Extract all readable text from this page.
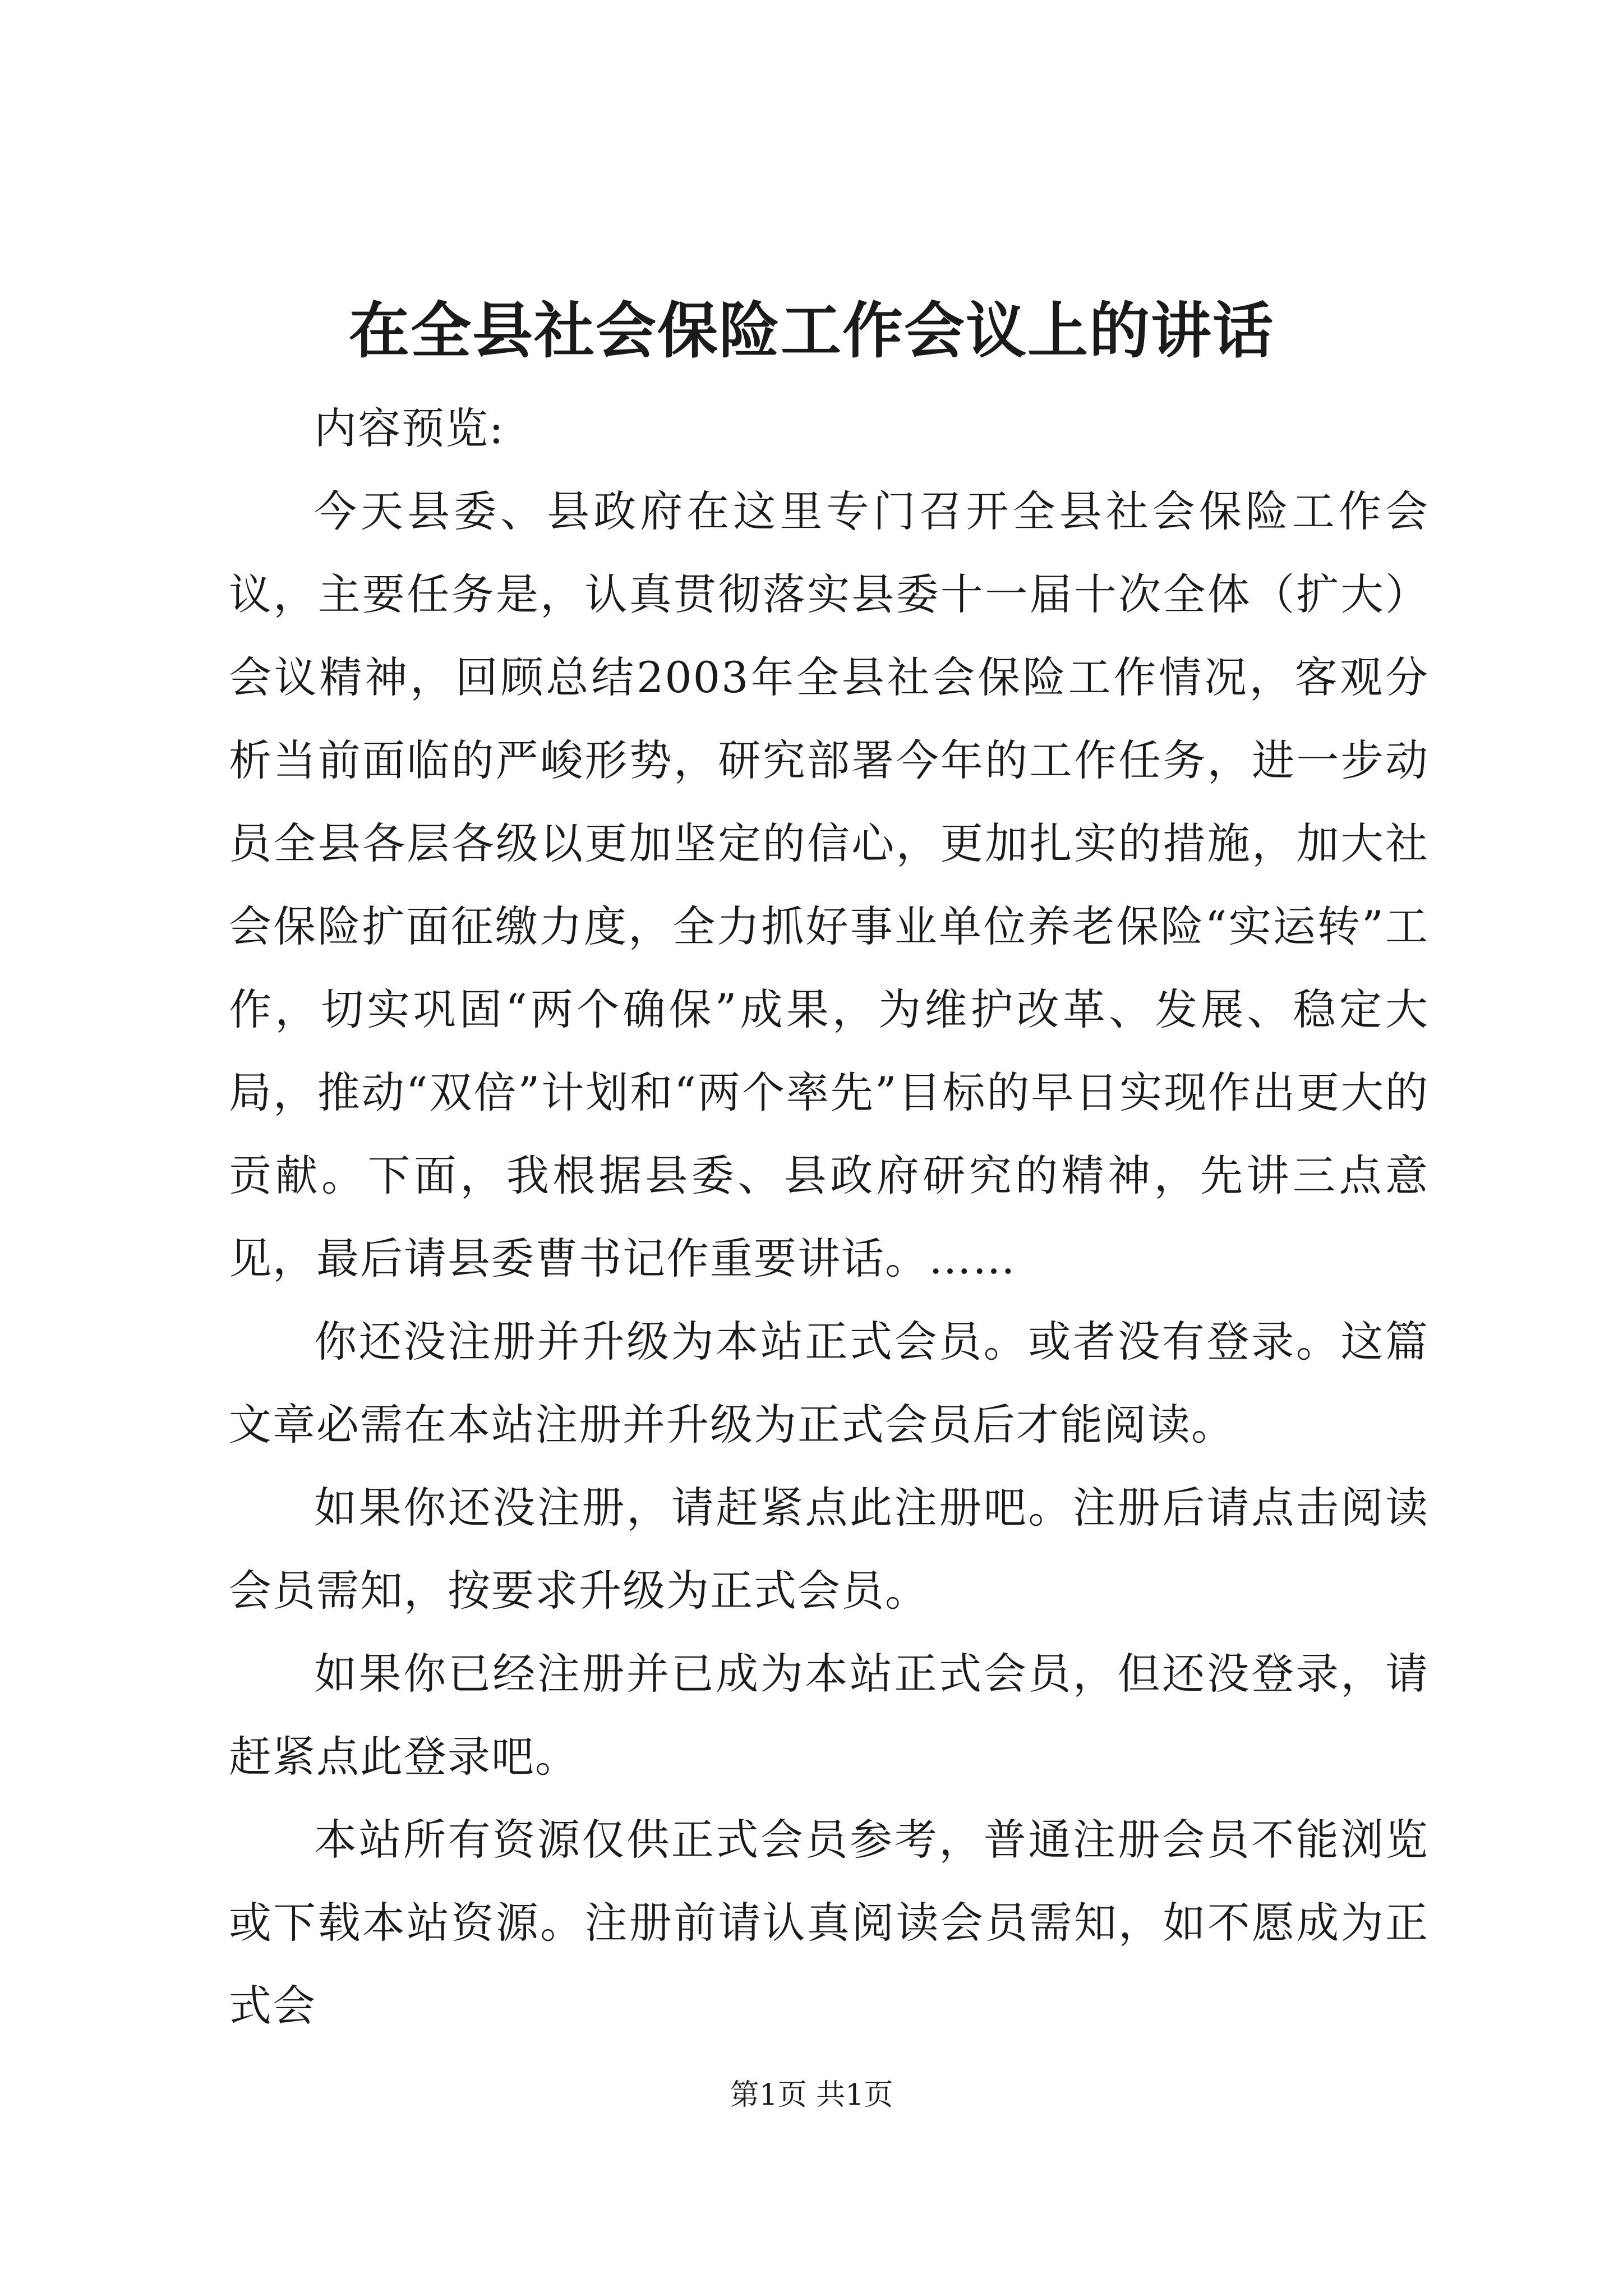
在全县社会保险工作会议上的讲话

内容预览:

今天县委、县政府在这里专门召开全县社会保险工作会议，主要任务是，认真贯彻落实县委十一届十次全体（扩大）会议精神，回顾总结2003年全县社会保险工作情况，客观分析当前面临的严峻形势，研究部署今年的工作任务，进一步动员全县各层各级以更加坚定的信心，更加扎实的措施，加大社会保险扩面征缴力度，全力抓好事业单位养老保险“实运转”工作，切实巩固“两个确保”成果，为维护改革、发展、稳定大局，推动“双倍”计划和“两个率先”目标的早日实现作出更大的贡献。下面，我根据县委、县政府研究的精神，先讲三点意见，最后请县委曹书记作重要讲话。……

你还没注册并升级为本站正式会员。或者没有登录。这篇文章必需在本站注册并升级为正式会员后才能阅读。

如果你还没注册，请赶紧点此注册吧。注册后请点击阅读会员需知，按要求升级为正式会员。

如果你已经注册并已成为本站正式会员，但还没登录，请赶紧点此登录吧。

本站所有资源仅供正式会员参考，普通注册会员不能浏览或下载本站资源。注册前请认真阅读会员需知，如不愿成为正式会

第1页 共1页
